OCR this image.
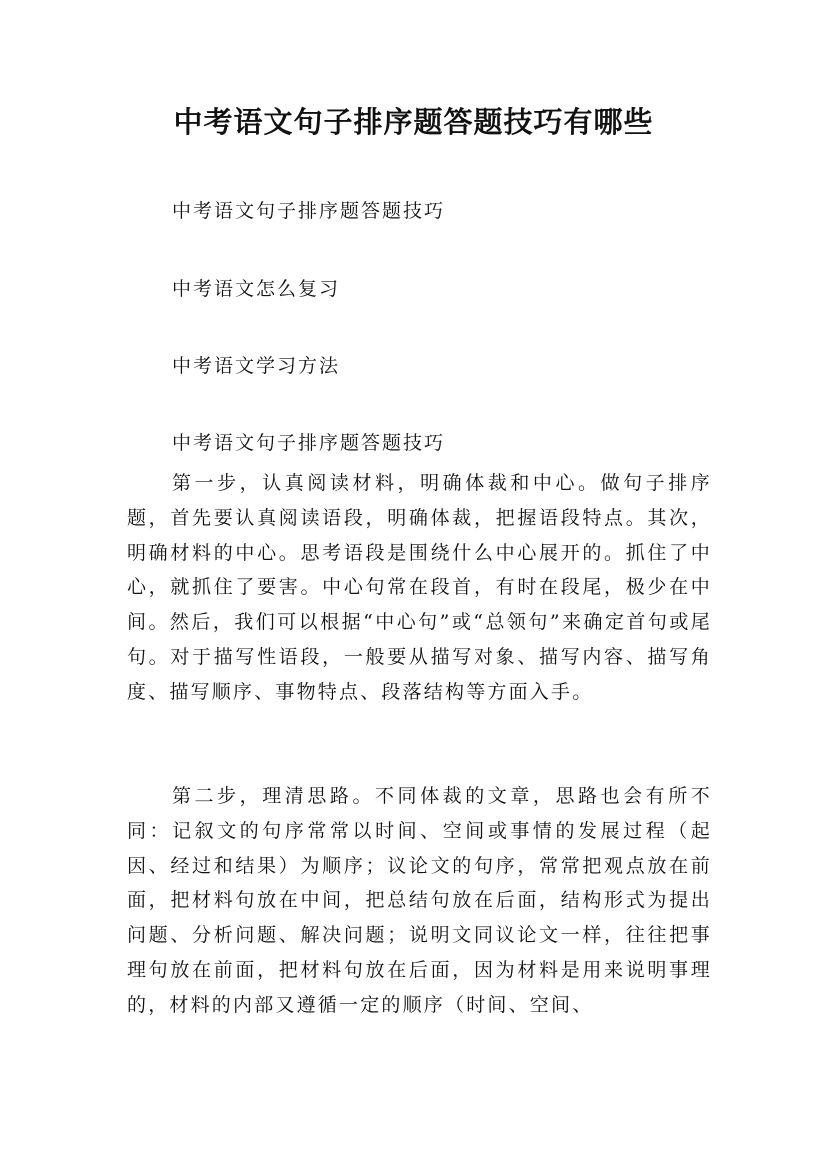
中考语文句子排序题答题技巧有哪些

中考语文句子排序题答题技巧

中考语文怎么复习

中考语文学习方法

中考语文句子排序题答题技巧

第一步，认真阅读材料，明确体裁和中心。做句子排序题，首先要认真阅读语段，明确体裁，把握语段特点。其次，明确材料的中心。思考语段是围绕什么中心展开的。抓住了中心，就抓住了要害。中心句常在段首，有时在段尾，极少在中间。然后，我们可以根据“中心句”或“总领句”来确定首句或尾句。对于描写性语段，一般要从描写对象、描写内容、描写角度、描写顺序、事物特点、段落结构等方面入手。

第二步，理清思路。不同体裁的文章，思路也会有所不同：记叙文的句序常常以时间、空间或事情的发展过程（起因、经过和结果）为顺序；议论文的句序，常常把观点放在前面，把材料句放在中间，把总结句放在后面，结构形式为提出问题、分析问题、解决问题；说明文同议论文一样，往往把事理句放在前面，把材料句放在后面，因为材料是用来说明事理的，材料的内部又遵循一定的顺序（时间、空间、
